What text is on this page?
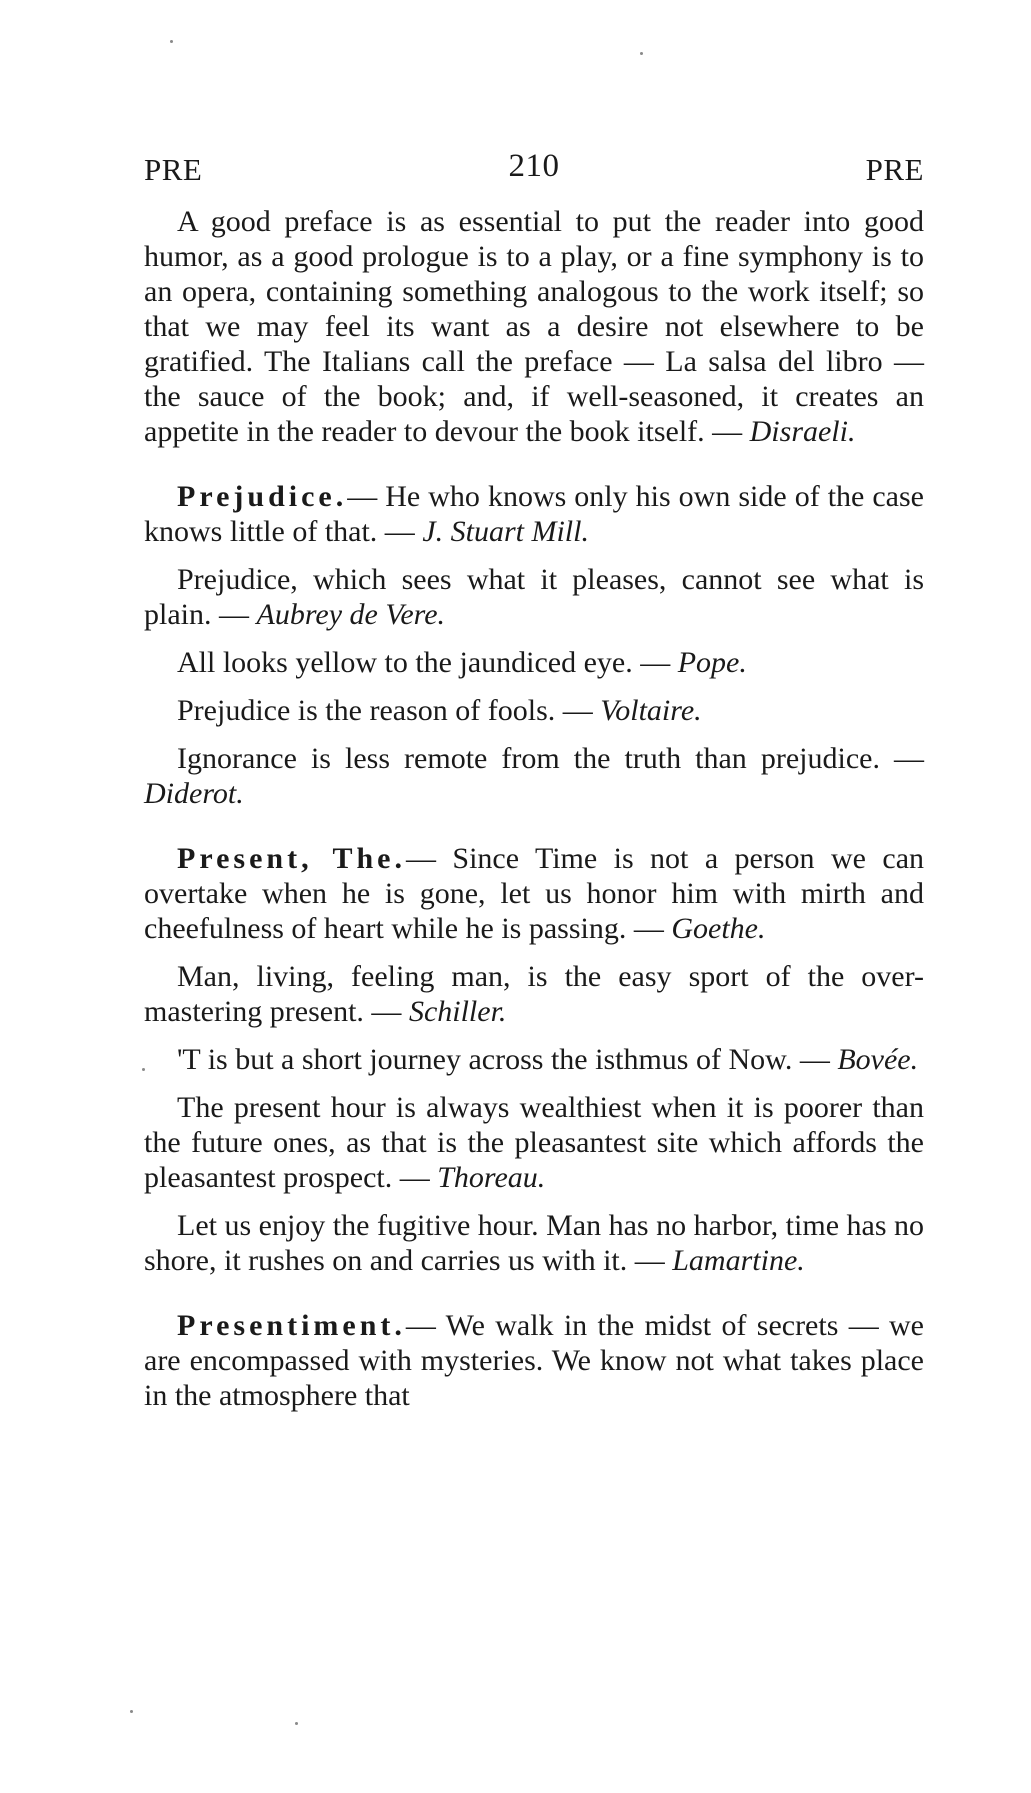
PRE	210	PRE

A good preface is as essential to put the reader into good humor, as a good prologue is to a play, or a fine symphony is to an opera, containing something analogous to the work itself; so that we may feel its want as a desire not elsewhere to be gratified. The Italians call the preface — La salsa del libro — the sauce of the book; and, if well-seasoned, it creates an appetite in the reader to devour the book itself. — Disraeli.

Prejudice.— He who knows only his own side of the case knows little of that. — J. Stuart Mill.

Prejudice, which sees what it pleases, cannot see what is plain. — Aubrey de Vere.

All looks yellow to the jaundiced eye. — Pope.

Prejudice is the reason of fools. — Voltaire.

Ignorance is less remote from the truth than prejudice. — Diderot.

Present, The.— Since Time is not a person we can overtake when he is gone, let us honor him with mirth and cheefulness of heart while he is passing. — Goethe.

Man, living, feeling man, is the easy sport of the over-mastering present. — Schiller.

'T is but a short journey across the isthmus of Now. — Bovée.

The present hour is always wealthiest when it is poorer than the future ones, as that is the pleasantest site which affords the pleasantest prospect. — Thoreau.

Let us enjoy the fugitive hour. Man has no harbor, time has no shore, it rushes on and carries us with it. — Lamartine.

Presentiment.— We walk in the midst of secrets — we are encompassed with mysteries. We know not what takes place in the atmosphere that
